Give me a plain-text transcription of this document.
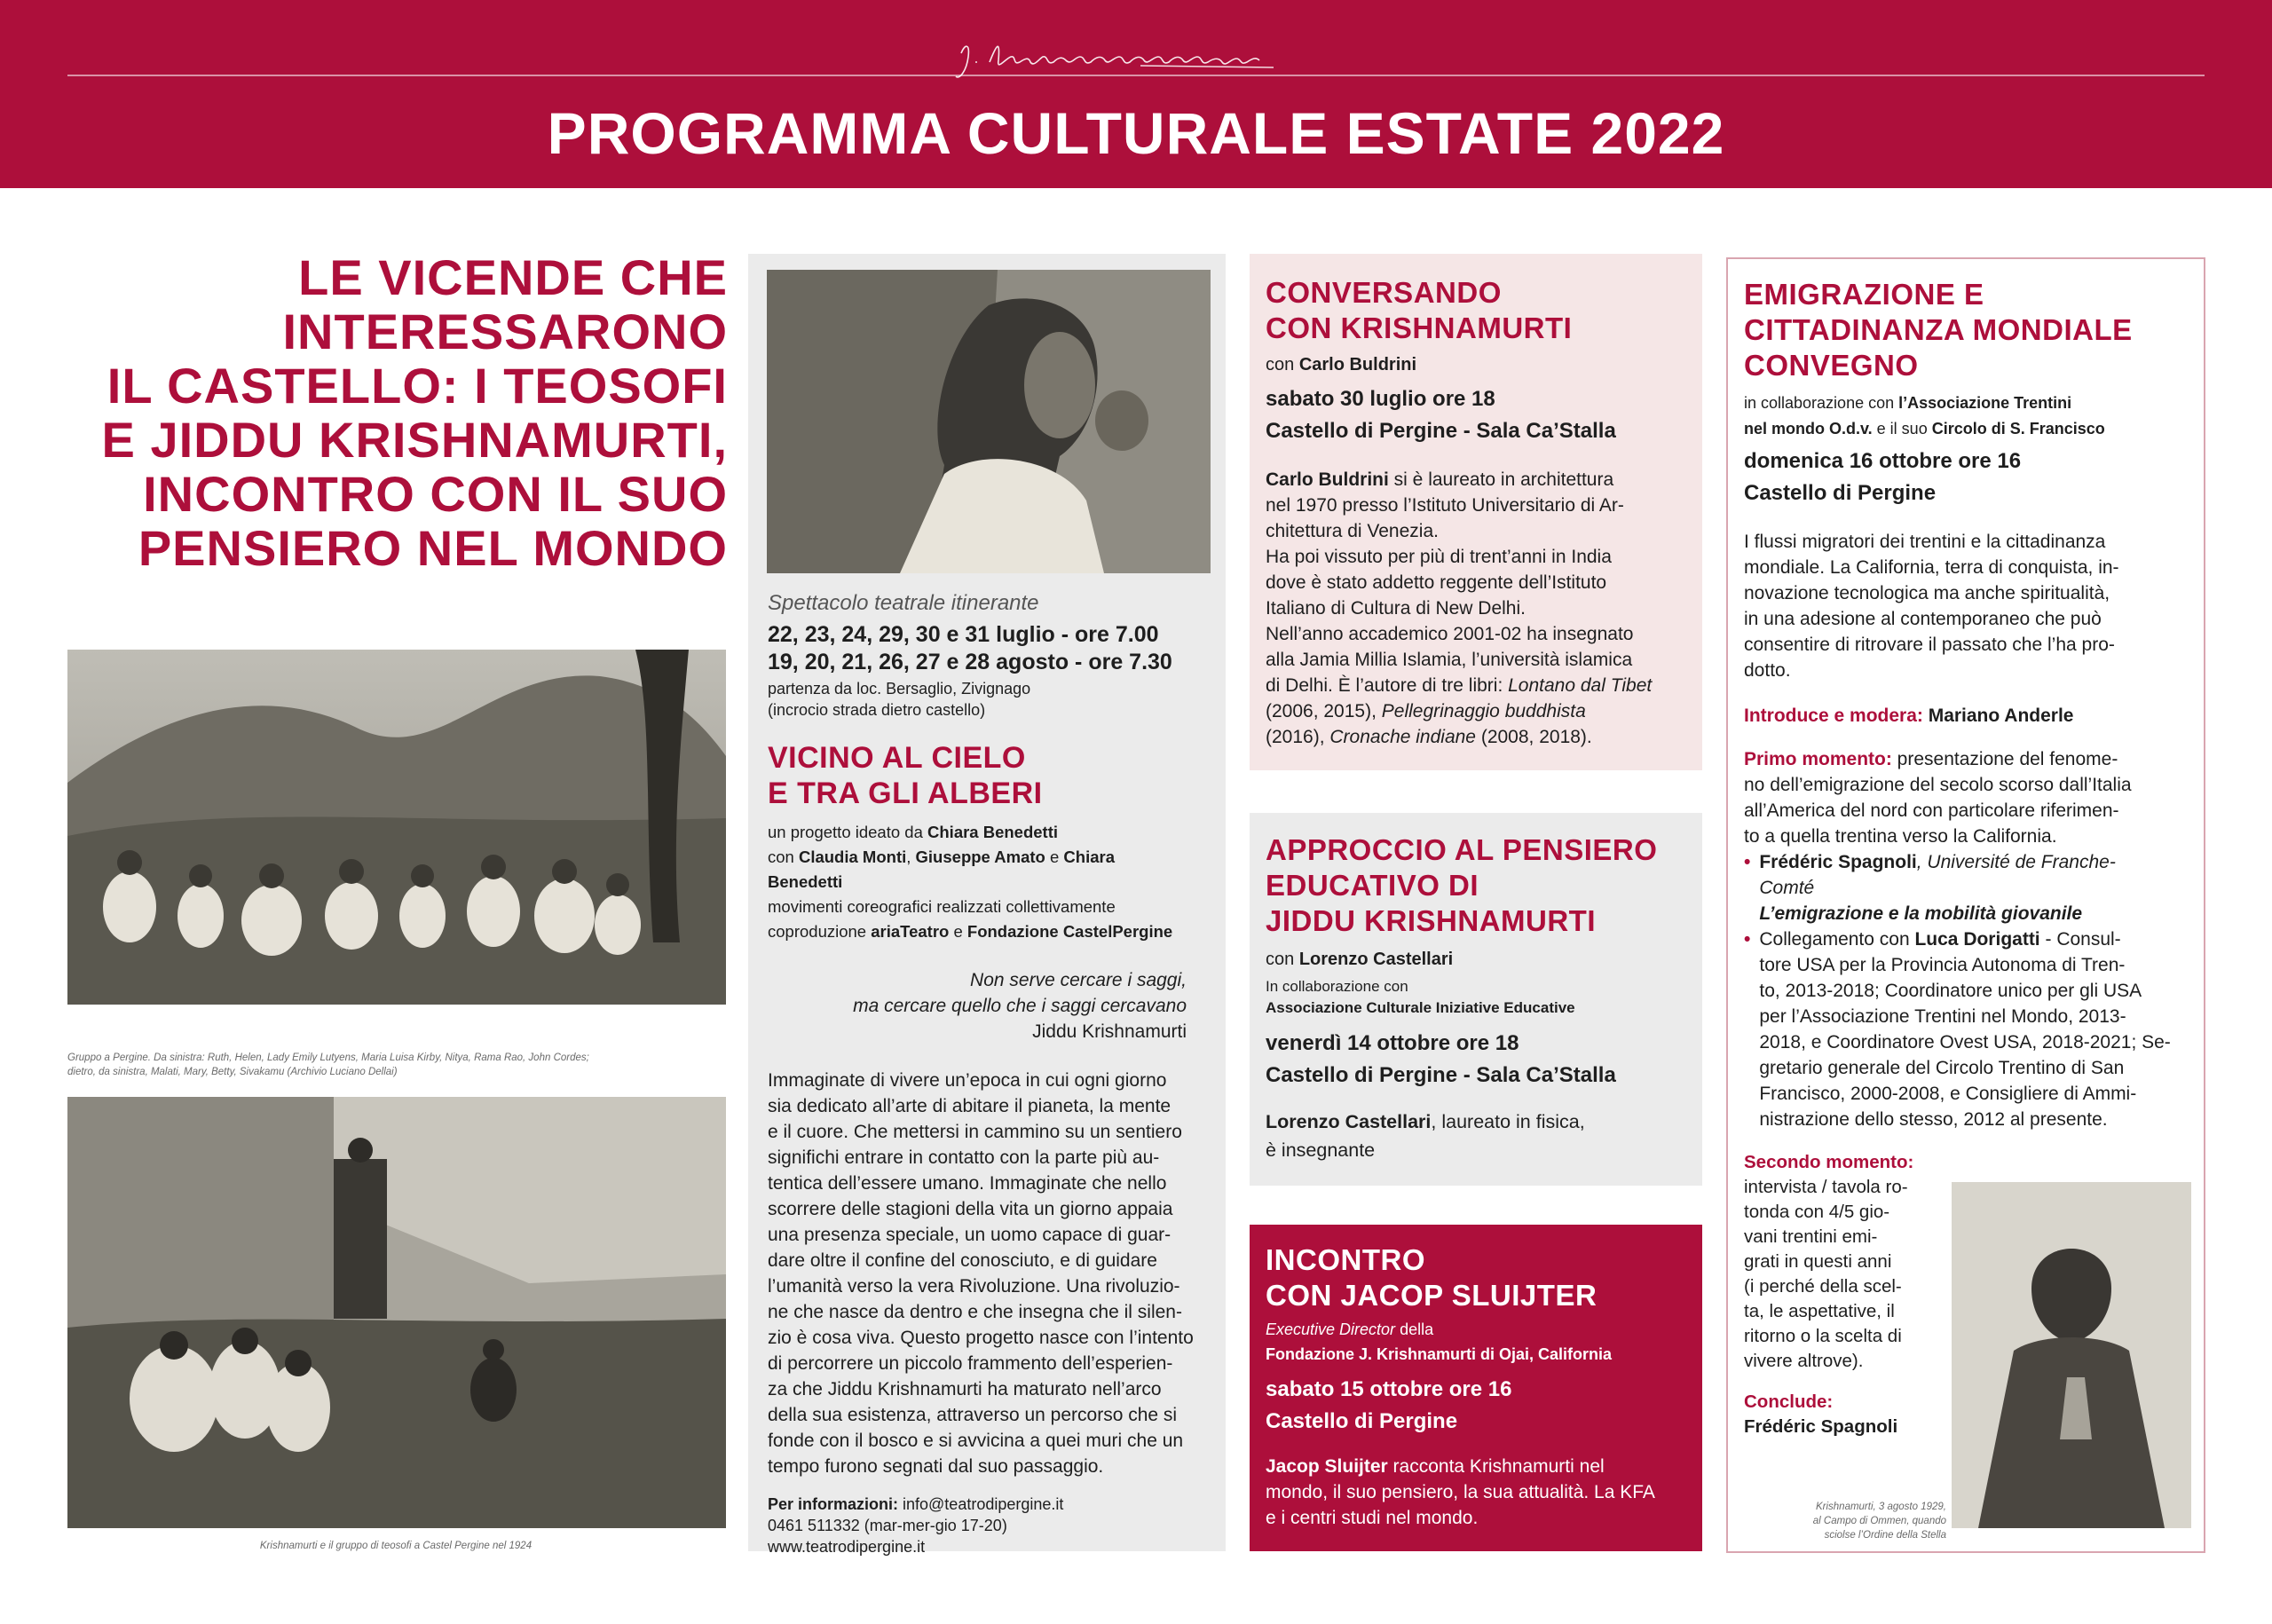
PROGRAMMA CULTURALE ESTATE 2022
LE VICENDE CHE
INTERESSARONO
IL CASTELLO: I TEOSOFI
E JIDDU KRISHNAMURTI,
INCONTRO CON IL SUO
PENSIERO NEL MONDO
Gruppo a Pergine. Da sinistra: Ruth, Helen, Lady Emily Lutyens, Maria Luisa Kirby, Nitya, Rama Rao, John Cordes;
dietro, da sinistra, Malati, Mary, Betty, Sivakamu (Archivio Luciano Dellai)
Krishnamurti e il gruppo di teosofi a Castel Pergine nel 1924
Spettacolo teatrale itinerante
22, 23, 24, 29, 30 e 31 luglio - ore 7.00
19, 20, 21, 26, 27 e 28 agosto - ore 7.30
partenza da loc. Bersaglio, Zivignago
(incrocio strada dietro castello)
VICINO AL CIELO
E TRA GLI ALBERI
un progetto ideato da Chiara Benedetti
con Claudia Monti, Giuseppe Amato e Chiara Benedetti
movimenti coreografici realizzati collettivamente
coproduzione ariaTeatro e Fondazione CastelPergine
Non serve cercare i saggi,
ma cercare quello che i saggi cercavano
Jiddu Krishnamurti
Immaginate di vivere un’epoca in cui ogni giorno
sia dedicato all’arte di abitare il pianeta, la mente
e il cuore. Che mettersi in cammino su un sentiero
significhi entrare in contatto con la parte più au-
tentica dell’essere umano. Immaginate che nello
scorrere delle stagioni della vita un giorno appaia
una presenza speciale, un uomo capace di guar-
dare oltre il confine del conosciuto, e di guidare
l’umanità verso la vera Rivoluzione. Una rivoluzio-
ne che nasce da dentro e che insegna che il silen-
zio è cosa viva. Questo progetto nasce con l’intento
di percorrere un piccolo frammento dell’esperien-
za che Jiddu Krishnamurti ha maturato nell’arco
della sua esistenza, attraverso un percorso che si
fonde con il bosco e si avvicina a quei muri che un
tempo furono segnati dal suo passaggio.
Per informazioni: info@teatrodipergine.it
0461 511332 (mar-mer-gio 17-20)
www.teatrodipergine.it
CONVERSANDO
CON KRISHNAMURTI
con Carlo Buldrini
sabato 30 luglio ore 18
Castello di Pergine - Sala Ca’Stalla
Carlo Buldrini si è laureato in architettura
nel 1970 presso l’Istituto Universitario di Ar-
chitettura di Venezia.
Ha poi vissuto per più di trent’anni in India
dove è stato addetto reggente dell’Istituto
Italiano di Cultura di New Delhi.
Nell’anno accademico 2001-02 ha insegnato
alla Jamia Millia Islamia, l’università islamica
di Delhi. È l’autore di tre libri: Lontano dal Tibet
(2006, 2015), Pellegrinaggio buddhista
(2016), Cronache indiane (2008, 2018).
APPROCCIO AL PENSIERO
EDUCATIVO DI
JIDDU KRISHNAMURTI
con Lorenzo Castellari
In collaborazione con
Associazione Culturale Iniziative Educative
venerdì 14 ottobre ore 18
Castello di Pergine - Sala Ca’Stalla
Lorenzo Castellari, laureato in fisica,
è insegnante
INCONTRO
CON JACOP SLUIJTER
Executive Director della
Fondazione J. Krishnamurti di Ojai, California
sabato 15 ottobre ore 16
Castello di Pergine
Jacop Sluijter racconta Krishnamurti nel
mondo, il suo pensiero, la sua attualità. La KFA
e i centri studi nel mondo.
EMIGRAZIONE E
CITTADINANZA MONDIALE
CONVEGNO
in collaborazione con l’Associazione Trentini
nel mondo O.d.v. e il suo Circolo di S. Francisco
domenica 16 ottobre ore 16
Castello di Pergine
I flussi migratori dei trentini e la cittadinanza
mondiale. La California, terra di conquista, in-
novazione tecnologica ma anche spiritualità,
in una adesione al contemporaneo che può
consentire di ritrovare il passato che l’ha pro-
dotto.
Introduce e modera: Mariano Anderle
Primo momento: presentazione del fenome-
no dell’emigrazione del secolo scorso dall’Italia
all’America del nord con particolare riferimen-
to a quella trentina verso la California.
• Frédéric Spagnoli, Université de Franche-
Comté
L’emigrazione e la mobilità giovanile
• Collegamento con Luca Dorigatti - Consul-
tore USA per la Provincia Autonoma di Tren-
to, 2013-2018; Coordinatore unico per gli USA
per l’Associazione Trentini nel Mondo, 2013-
2018, e Coordinatore Ovest USA, 2018-2021; Se-
gretario generale del Circolo Trentino di San
Francisco, 2000-2008, e Consigliere di Ammi-
nistrazione dello stesso, 2012 al presente.
Secondo momento:
intervista / tavola ro-
tonda con 4/5 gio-
vani trentini emi-
grati in questi anni
(i perché della scel-
ta, le aspettative, il
ritorno o la scelta di
vivere altrove).
Conclude:
Frédéric Spagnoli
Krishnamurti, 3 agosto 1929,
al Campo di Ommen, quando
sciolse l’Ordine della Stella
